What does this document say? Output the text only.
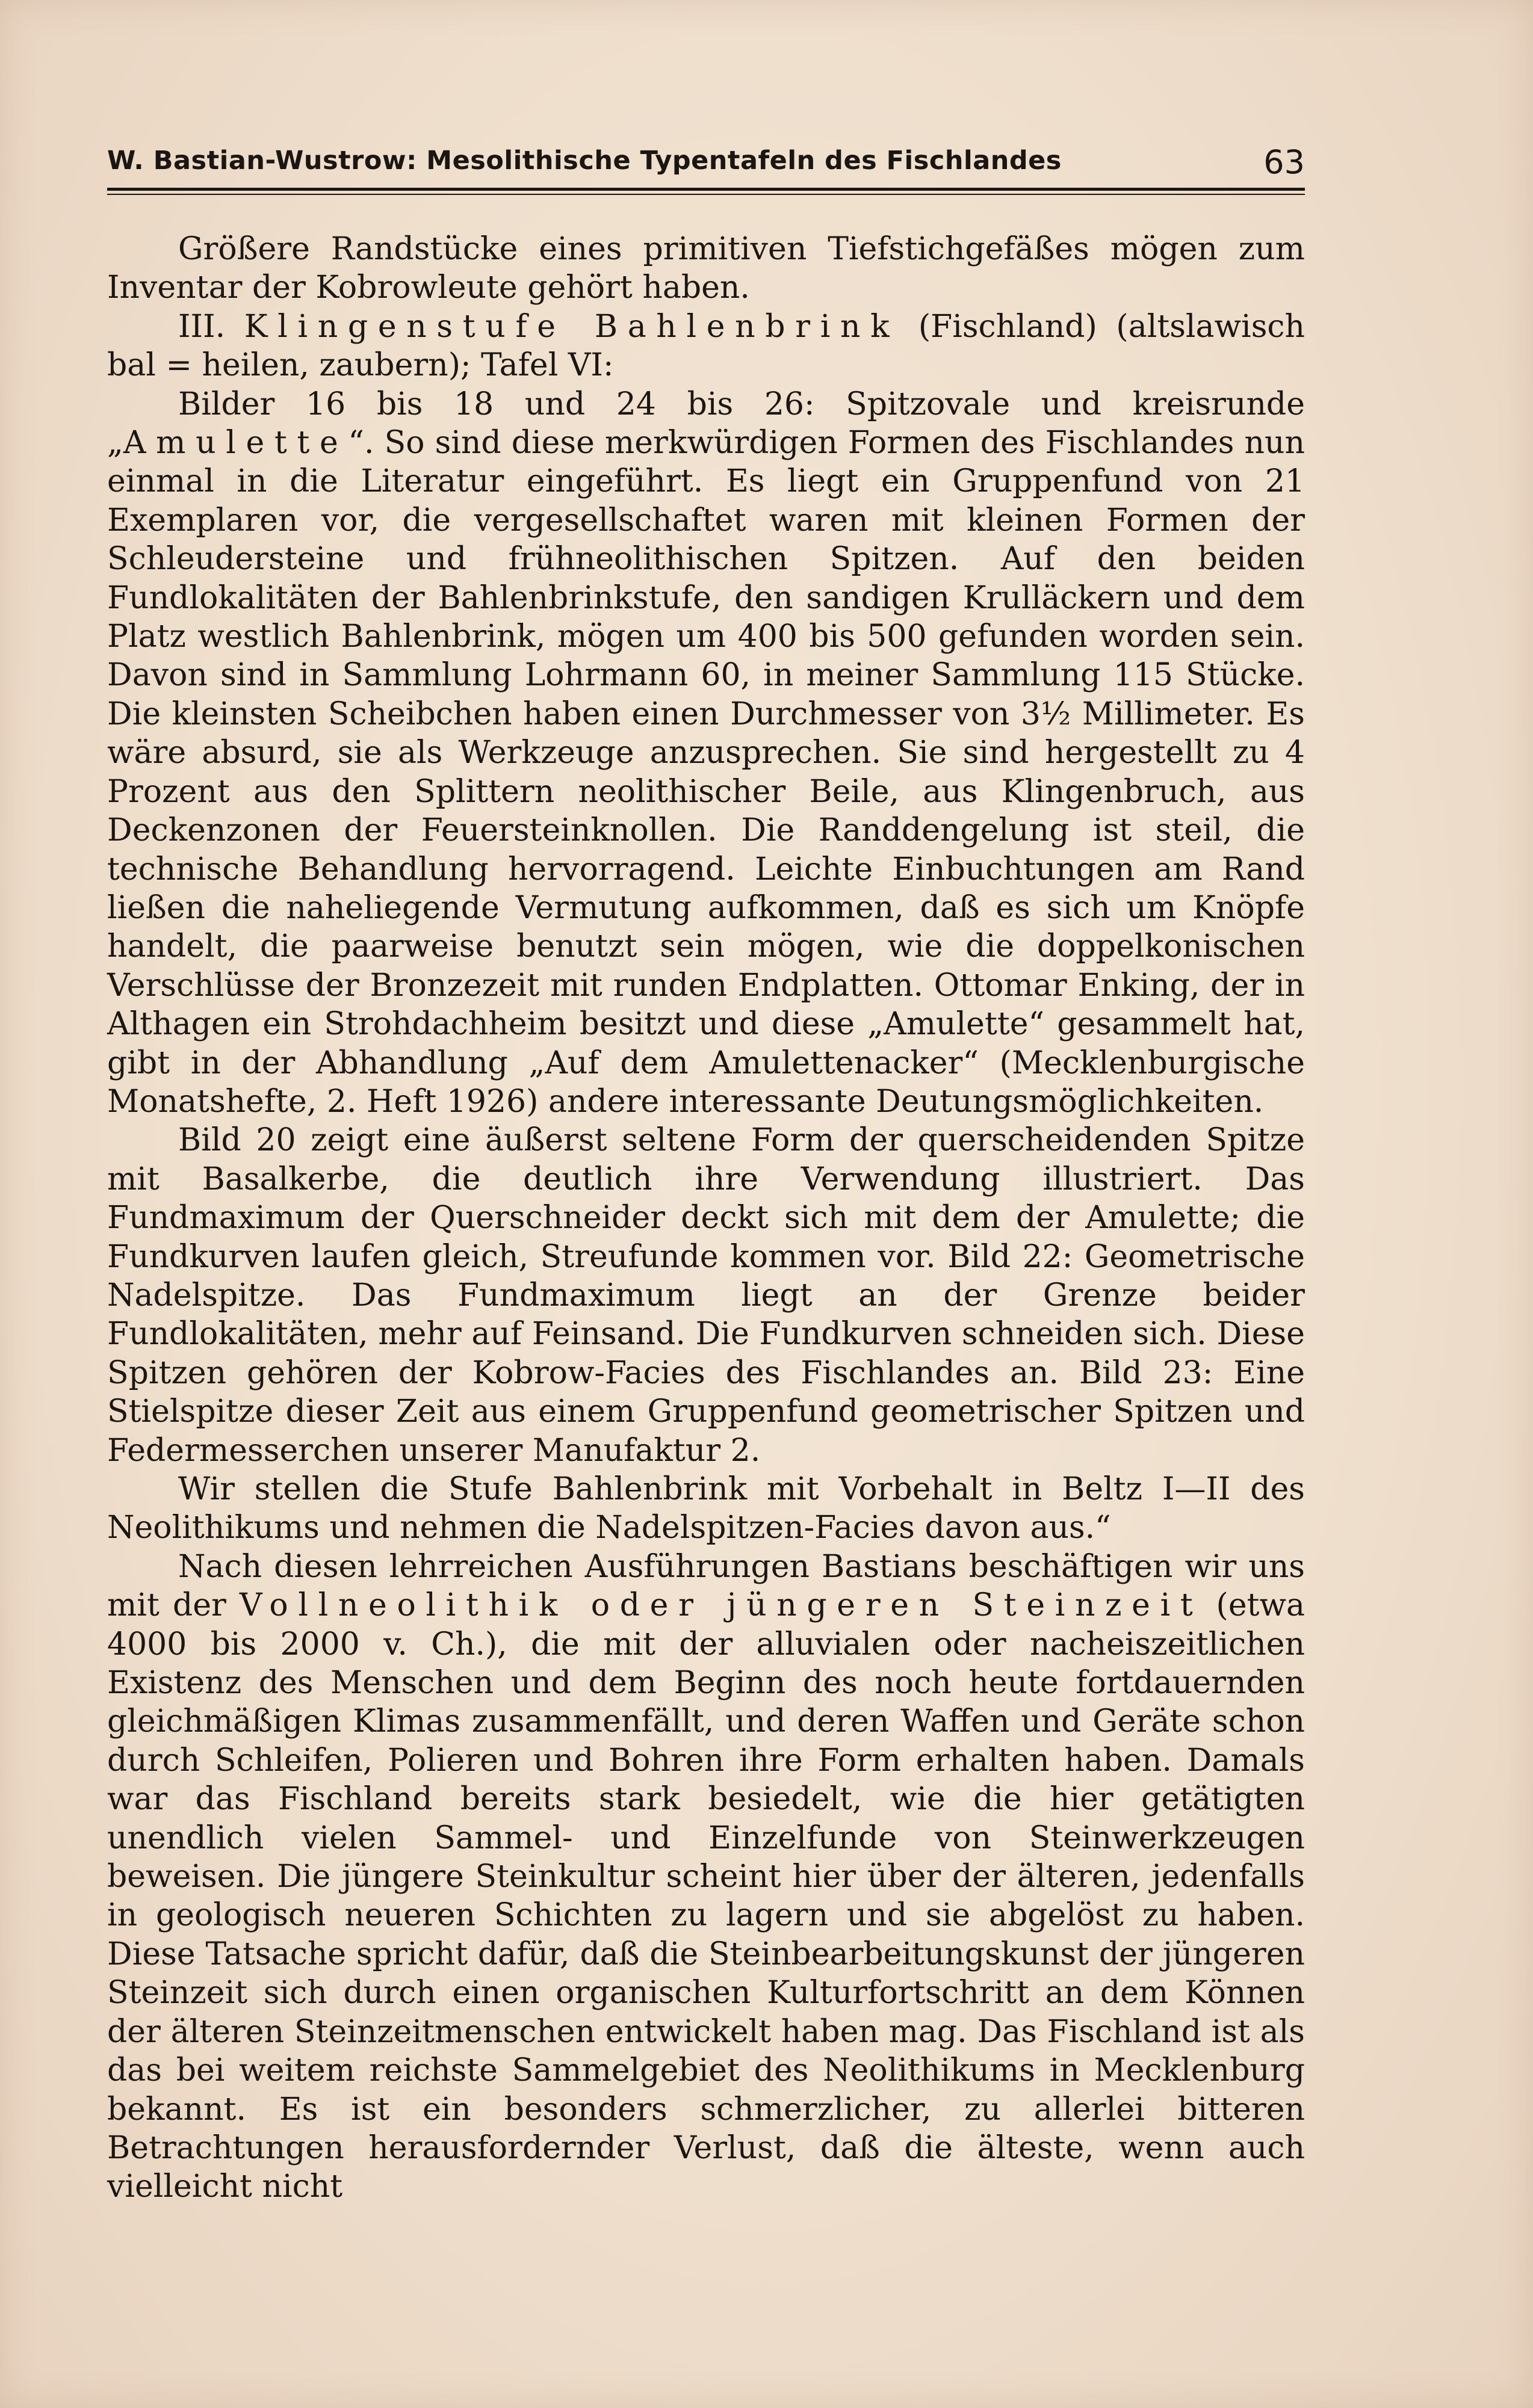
W. Bastian-Wustrow: Mesolithische Typentafeln des Fischlandes	63

Größere Randstücke eines primitiven Tiefstichgefäßes mögen zum Inventar der Kobrowleute gehört haben.

III. Klingenstufe Bahlenbrink (Fischland) (altslawisch bal = heilen, zaubern); Tafel VI:

Bilder 16 bis 18 und 24 bis 26: Spitzovale und kreisrunde „Amulette“. So sind diese merkwürdigen Formen des Fischlandes nun einmal in die Literatur eingeführt. Es liegt ein Gruppenfund von 21 Exemplaren vor, die vergesellschaftet waren mit kleinen Formen der Schleudersteine und frühneolithischen Spitzen. Auf den beiden Fundlokalitäten der Bahlenbrinkstufe, den sandigen Krulläckern und dem Platz westlich Bahlenbrink, mögen um 400 bis 500 gefunden worden sein. Davon sind in Sammlung Lohrmann 60, in meiner Sammlung 115 Stücke. Die kleinsten Scheibchen haben einen Durchmesser von 3½ Millimeter. Es wäre absurd, sie als Werkzeuge anzusprechen. Sie sind hergestellt zu 4 Prozent aus den Splittern neolithischer Beile, aus Klingenbruch, aus Deckenzonen der Feuersteinknollen. Die Randdengelung ist steil, die technische Behandlung hervorragend. Leichte Einbuchtungen am Rand ließen die naheliegende Vermutung aufkommen, daß es sich um Knöpfe handelt, die paarweise benutzt sein mögen, wie die doppelkonischen Verschlüsse der Bronzezeit mit runden Endplatten. Ottomar Enking, der in Althagen ein Strohdachheim besitzt und diese „Amulette“ gesammelt hat, gibt in der Abhandlung „Auf dem Amulettenacker“ (Mecklenburgische Monatshefte, 2. Heft 1926) andere interessante Deutungsmöglichkeiten.

Bild 20 zeigt eine äußerst seltene Form der querscheidenden Spitze mit Basalkerbe, die deutlich ihre Verwendung illustriert. Das Fundmaximum der Querschneider deckt sich mit dem der Amulette; die Fundkurven laufen gleich, Streufunde kommen vor. Bild 22: Geometrische Nadelspitze. Das Fundmaximum liegt an der Grenze beider Fundlokalitäten, mehr auf Feinsand. Die Fundkurven schneiden sich. Diese Spitzen gehören der Kobrow-Facies des Fischlandes an. Bild 23: Eine Stielspitze dieser Zeit aus einem Gruppenfund geometrischer Spitzen und Federmesserchen unserer Manufaktur 2.

Wir stellen die Stufe Bahlenbrink mit Vorbehalt in Beltz I—II des Neolithikums und nehmen die Nadelspitzen-Facies davon aus.“

Nach diesen lehrreichen Ausführungen Bastians beschäftigen wir uns mit der Vollneolithik oder jüngeren Steinzeit (etwa 4000 bis 2000 v. Ch.), die mit der alluvialen oder nacheiszeitlichen Existenz des Menschen und dem Beginn des noch heute fortdauernden gleichmäßigen Klimas zusammenfällt, und deren Waffen und Geräte schon durch Schleifen, Polieren und Bohren ihre Form erhalten haben. Damals war das Fischland bereits stark besiedelt, wie die hier getätigten unendlich vielen Sammel- und Einzelfunde von Steinwerkzeugen beweisen. Die jüngere Steinkultur scheint hier über der älteren, jedenfalls in geologisch neueren Schichten zu lagern und sie abgelöst zu haben. Diese Tatsache spricht dafür, daß die Steinbearbeitungskunst der jüngeren Steinzeit sich durch einen organischen Kulturfortschritt an dem Können der älteren Steinzeitmenschen entwickelt haben mag. Das Fischland ist als das bei weitem reichste Sammelgebiet des Neolithikums in Mecklenburg bekannt. Es ist ein besonders schmerzlicher, zu allerlei bitteren Betrachtungen herausfordernder Verlust, daß die älteste, wenn auch vielleicht nicht
